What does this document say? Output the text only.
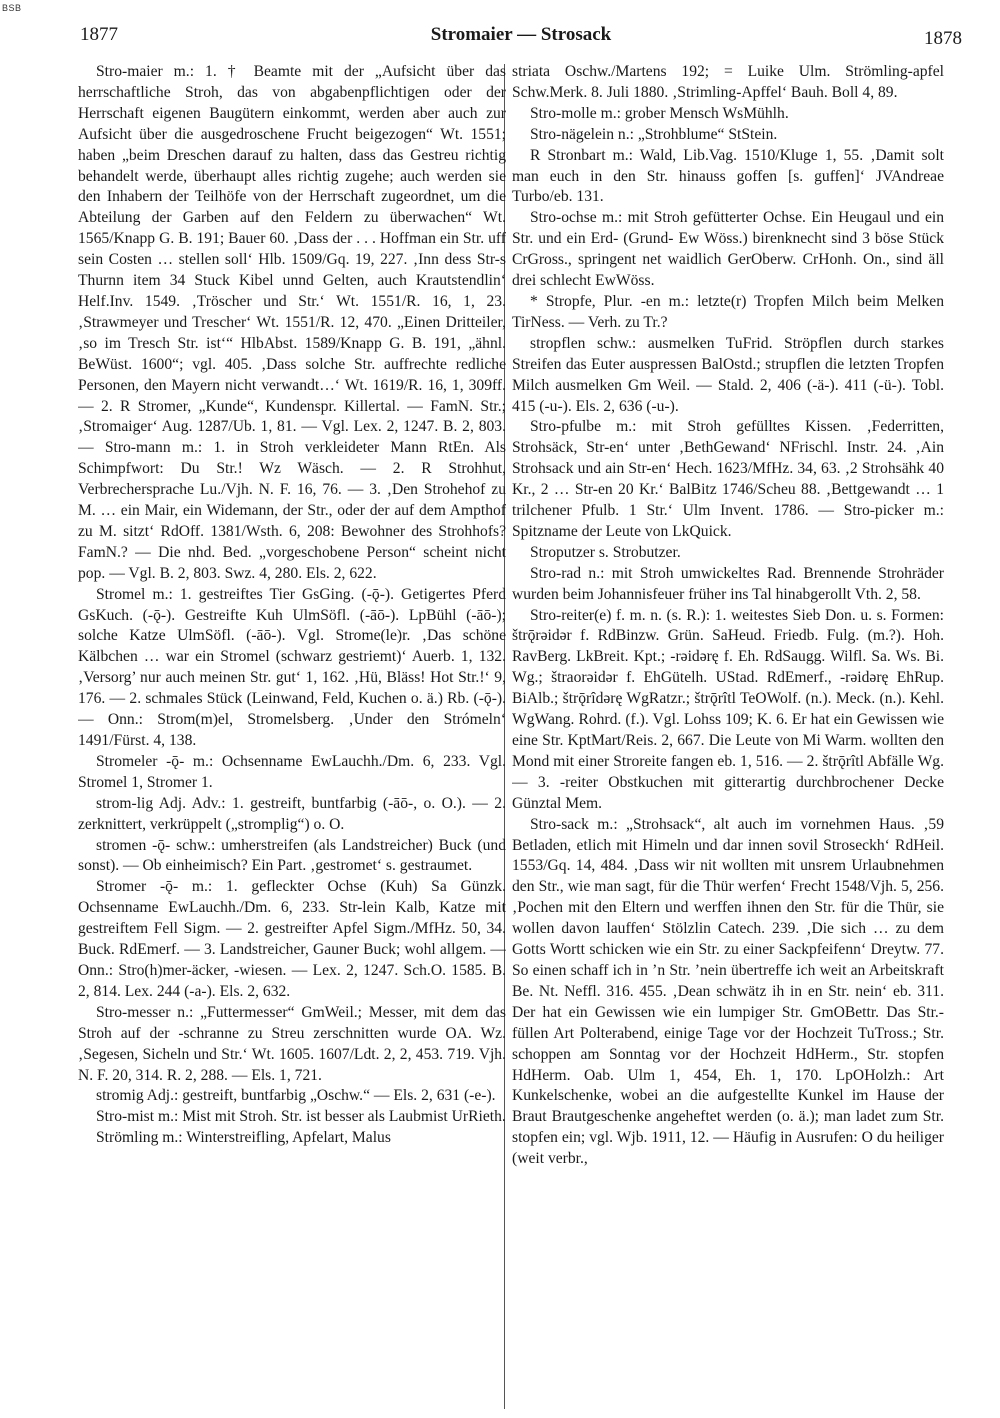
BSB
1877	Stromaier — Strosack	1878

Stro-maier m.: 1. † Beamte mit der „Aufsicht über das herrschaftliche Stroh, das von abgabenpflichtigen oder der Herrschaft eigenen Baugütern einkommt, werden aber auch zur Aufsicht über die ausgedroschene Frucht beigezogen“ Wt. 1551; haben „beim Dreschen darauf zu halten, dass das Gestreu richtig behandelt werde, überhaupt alles richtig zugehe; auch werden sie den Inhabern der Teilhöfe von der Herrschaft zugeordnet, um die Abteilung der Garben auf den Feldern zu überwachen“ Wt. 1565/Knapp G. B. 191; Bauer 60. ‚Dass der . . . Hoffman ein Str. uff sein Costen … stellen soll‘ Hlb. 1509/Gq. 19, 227. ‚Inn dess Str-s Thurnn item 34 Stuck Kibel unnd Gelten, auch Krautstendlin‘ Helf.Inv. 1549. ‚Tröscher und Str.‘ Wt. 1551/R. 16, 1, 23. ‚Strawmeyer und Trescher‘ Wt. 1551/R. 12, 470. „Einen Dritteiler, ‚so im Tresch Str. ist‘“ HlbAbst. 1589/Knapp G. B. 191, „ähnl. BeWüst. 1600“; vgl. 405. ‚Dass solche Str. auffrechte redliche Personen, den Mayern nicht verwandt…‘ Wt. 1619/R. 16, 1, 309ff. — 2. R Stromer, „Kunde“, Kundenspr. Killertal. — FamN. Str.; ‚Stromaiger‘ Aug. 1287/Ub. 1, 81. — Vgl. Lex. 2, 1247. B. 2, 803. — Stro-mann m.: 1. in Stroh verkleideter Mann RtEn. Als Schimpfwort: Du Str.! Wz Wäsch. — 2. R Strohhut, Verbrechersprache Lu./Vjh. N. F. 16, 76. — 3. ‚Den Strohehof zu M. … ein Mair, ein Widemann, der Str., oder der auf dem Ampthof zu M. sitzt‘ RdOff. 1381/Wsth. 6, 208: Bewohner des Strohhofs? FamN.? — Die nhd. Bed. „vorgeschobene Person“ scheint nicht pop. — Vgl. B. 2, 803. Swz. 4, 280. Els. 2, 622.

Stromel m.: 1. gestreiftes Tier GsGing. (-ǭ-). Getigertes Pferd GsKuch. (-ǭ-). Gestreifte Kuh UlmSöfl. (-āō-). LpBühl (-āō-); solche Katze UlmSöfl. (-āō-). Vgl. Strome(le)r. ‚Das schöne Kälbchen … war ein Stromel (schwarz gestriemt)‘ Auerb. 1, 132. ‚Versorg’ nur auch meinen Str. gut‘ 1, 162. ‚Hü, Bläss! Hot Str.!‘ 9, 176. — 2. schmales Stück (Leinwand, Feld, Kuchen o. ä.) Rb. (-ǭ-). — Onn.: Strom(m)el, Stromelsberg. ‚Under den Strómeln‘ 1491/Fürst. 4, 138.

Stromeler -ǭ- m.: Ochsenname EwLauchh./Dm. 6, 233. Vgl. Stromel 1, Stromer 1.

strom-lig Adj. Adv.: 1. gestreift, buntfarbig (-āō-, o. O.). — 2. zerknittert, verkrüppelt („stromplig“) o. O.

stromen -ǭ- schw.: umherstreifen (als Landstreicher) Buck (und sonst). — Ob einheimisch? Ein Part. ‚gestromet‘ s. gestraumet.

Stromer -ǭ- m.: 1. gefleckter Ochse (Kuh) Sa Günzk. Ochsenname EwLauchh./Dm. 6, 233. Str-lein Kalb, Katze mit gestreiftem Fell Sigm. — 2. gestreifter Apfel Sigm./MfHz. 50, 34. Buck. RdEmerf. — 3. Landstreicher, Gauner Buck; wohl allgem. — Onn.: Stro(h)mer-äcker, -wiesen. — Lex. 2, 1247. Sch.O. 1585. B. 2, 814. Lex. 244 (-a-). Els. 2, 632.

Stro-messer n.: „Futtermesser“ GmWeil.; Messer, mit dem das Stroh auf der -schranne zu Streu zerschnitten wurde OA. Wz. ‚Segesen, Sicheln und Str.‘ Wt. 1605. 1607/Ldt. 2, 2, 453. 719. Vjh. N. F. 20, 314. R. 2, 288. — Els. 1, 721.

stromig Adj.: gestreift, buntfarbig „Oschw.“ — Els. 2, 631 (-e-).

Stro-mist m.: Mist mit Stroh. Str. ist besser als Laubmist UrRieth.

Strömling m.: Winterstreifling, Apfelart, Malus

striata Oschw./Martens 192; = Luike Ulm. Strömling-apfel Schw.Merk. 8. Juli 1880. ‚Strimling-Apffel‘ Bauh. Boll 4, 89.

Stro-molle m.: grober Mensch WsMühlh.

Stro-nägelein n.: „Strohblume“ StStein.

R Stronbart m.: Wald, Lib.Vag. 1510/Kluge 1, 55. ‚Damit solt man euch in den Str. hinauss goffen [s. guffen]‘ JVAndreae Turbo/eb. 131.

Stro-ochse m.: mit Stroh gefütterter Ochse. Ein Heugaul und ein Str. und ein Erd- (Grund- Ew Wöss.) birenknecht sind 3 böse Stück CrGross., springent net waidlich GerOberw. CrHonh. On., sind äll drei schlecht EwWöss.

* Stropfe, Plur. -en m.: letzte(r) Tropfen Milch beim Melken TirNess. — Verh. zu Tr.?

stropflen schw.: ausmelken TuFrid. Ströpflen durch starkes Streifen das Euter auspressen BalOstd.; strupflen die letzten Tropfen Milch ausmelken Gm Weil. — Stald. 2, 406 (-ä-). 411 (-ü-). Tobl. 415 (-u-). Els. 2, 636 (-u-).

Stro-pfulbe m.: mit Stroh gefülltes Kissen. ‚Federritten, Strohsäck, Str-en‘ unter ‚BethGewand‘ NFrischl. Instr. 24. ‚Ain Strohsack und ain Str-en‘ Hech. 1623/MfHz. 34, 63. ‚2 Strohsähk 40 Kr., 2 … Str-en 20 Kr.‘ BalBitz 1746/Scheu 88. ‚Bettgewandt … 1 trilchener Pfulb. 1 Str.‘ Ulm Invent. 1786. — Stro-picker m.: Spitzname der Leute von LkQuick.

Stroputzer s. Strobutzer.

Stro-rad n.: mit Stroh umwickeltes Rad. Brennende Strohräder wurden beim Johannisfeuer früher ins Tal hinabgerollt Vth. 2, 58.

Stro-reiter(e) f. m. n. (s. R.): 1. weitestes Sieb Don. u. s. Formen: štrǭrəidər f. RdBinzw. Grün. SaHeud. Friedb. Fulg. (m.?). Hoh. RavBerg. LkBreit. Kpt.; -rəidərę f. Eh. RdSaugg. Wilfl. Sa. Ws. Bi. Wg.; štraorəidər f. EhGütelh. UStad. RdEmerf., -rəidərę EhRup. BiAlb.; štrǭrîdərę WgRatzr.; štrǭrîtl TeOWolf. (n.). Meck. (n.). Kehl. WgWang. Rohrd. (f.). Vgl. Lohss 109; K. 6. Er hat ein Gewissen wie eine Str. KptMart/Reis. 2, 667. Die Leute von Mi Warm. wollten den Mond mit einer Stroreite fangen eb. 1, 516. — 2. štrǭrîtl Abfälle Wg. — 3. -reiter Obstkuchen mit gitterartig durchbrochener Decke Günztal Mem.

Stro-sack m.: „Strohsack“, alt auch im vornehmen Haus. ‚59 Betladen, etlich mit Himeln und dar innen sovil Stroseckh‘ RdHeil. 1553/Gq. 14, 484. ‚Dass wir nit wollten mit unsrem Urlaubnehmen den Str., wie man sagt, für die Thür werfen‘ Frecht 1548/Vjh. 5, 256. ‚Pochen mit den Eltern und werffen ihnen den Str. für die Thür, sie wollen davon lauffen‘ Stölzlin Catech. 239. ‚Die sich … zu dem Gotts Wortt schicken wie ein Str. zu einer Sackpfeifenn‘ Dreytw. 77. So einen schaff ich in ’n Str. ’nein übertreffe ich weit an Arbeitskraft Be. Nt. Neffl. 316. 455. ‚Dean schwätz ih in en Str. nein‘ eb. 311. Der hat ein Gewissen wie ein lumpiger Str. GmOBettr. Das Str.-füllen Art Polterabend, einige Tage vor der Hochzeit TuTross.; Str. schoppen am Sonntag vor der Hochzeit HdHerm., Str. stopfen HdHerm. Oab. Ulm 1, 454, Eh. 1, 170. LpOHolzh.: Art Kunkelschenke, wobei an die aufgestellte Kunkel im Hause der Braut Brautgeschenke angeheftet werden (o. ä.); man ladet zum Str. stopfen ein; vgl. Wjb. 1911, 12. — Häufig in Ausrufen: O du heiliger (weit verbr.,
